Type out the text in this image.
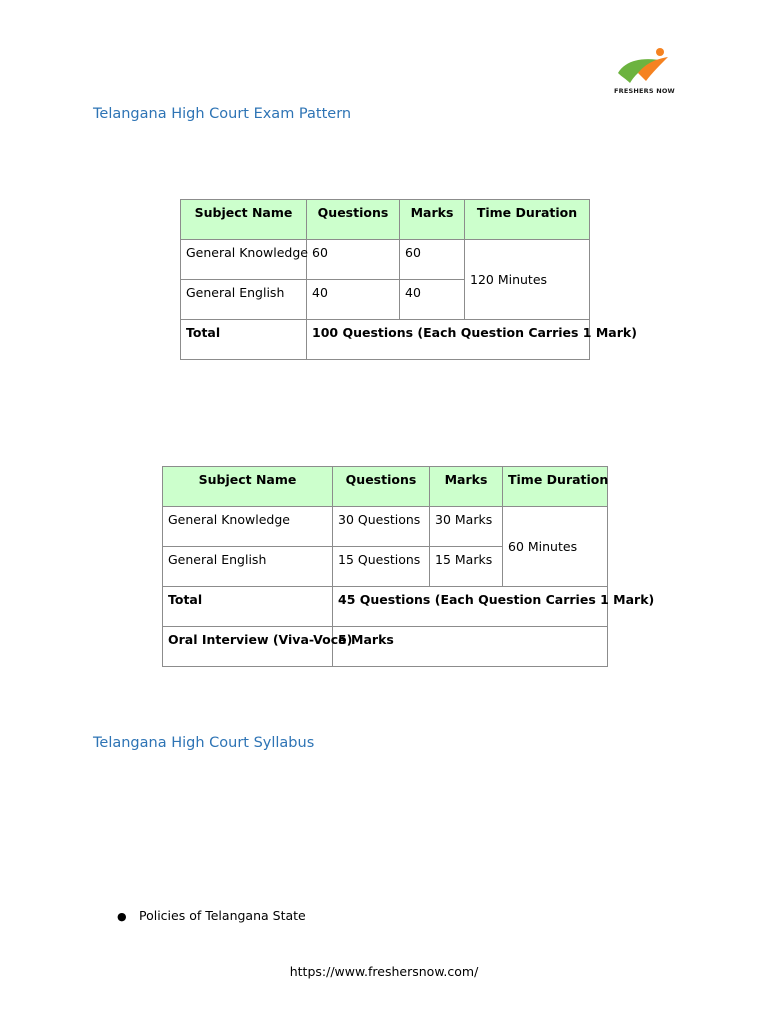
FRESHERS NOW
Telangana High Court Exam Pattern
Subject Name	Questions	Marks	Time Duration
General Knowledge	60	60	120 Minutes
General English	40	40	
Total	100 Questions (Each Question Carries 1 Mark)		
Subject Name	Questions	Marks	Time Duration
General Knowledge	30 Questions	30 Marks	60 Minutes
General English	15 Questions	15 Marks	
Total	45 Questions (Each Question Carries 1 Mark)		
Oral Interview (Viva-Voce)	5 Marks		
Telangana High Court Syllabus
● Policies of Telangana State
https://www.freshersnow.com/
